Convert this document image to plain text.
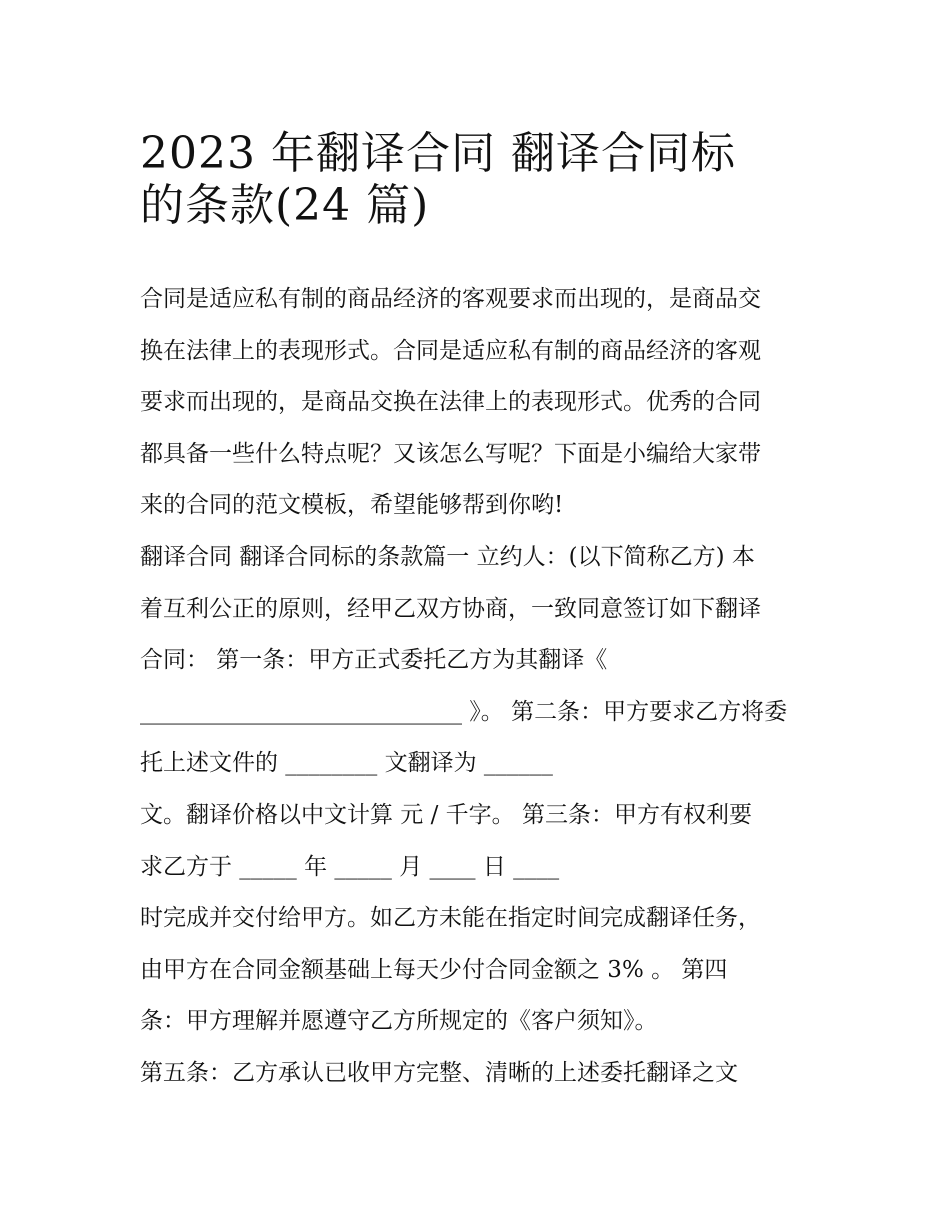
2023 年翻译合同 翻译合同标
的条款(24 篇)
合同是适应私有制的商品经济的客观要求而出现的，是商品交
换在法律上的表现形式。合同是适应私有制的商品经济的客观
要求而出现的，是商品交换在法律上的表现形式。优秀的合同
都具备一些什么特点呢？又该怎么写呢？下面是小编给大家带
来的合同的范文模板，希望能够帮到你哟!
翻译合同 翻译合同标的条款篇一 立约人：(以下简称乙方) 本
着互利公正的原则，经甲乙双方协商，一致同意签订如下翻译
合同： 第一条：甲方正式委托乙方为其翻译《
____________________________ 》。 第二条：甲方要求乙方将委
托上述文件的 ________ 文翻译为 ______
文。翻译价格以中文计算 元 / 千字。 第三条：甲方有权利要
求乙方于 _____ 年 _____ 月 ____ 日 ____
时完成并交付给甲方。如乙方未能在指定时间完成翻译任务，
由甲方在合同金额基础上每天少付合同金额之 3% 。 第四
条：甲方理解并愿遵守乙方所规定的《客户须知》。
第五条：乙方承认已收甲方完整、清晰的上述委托翻译之文
